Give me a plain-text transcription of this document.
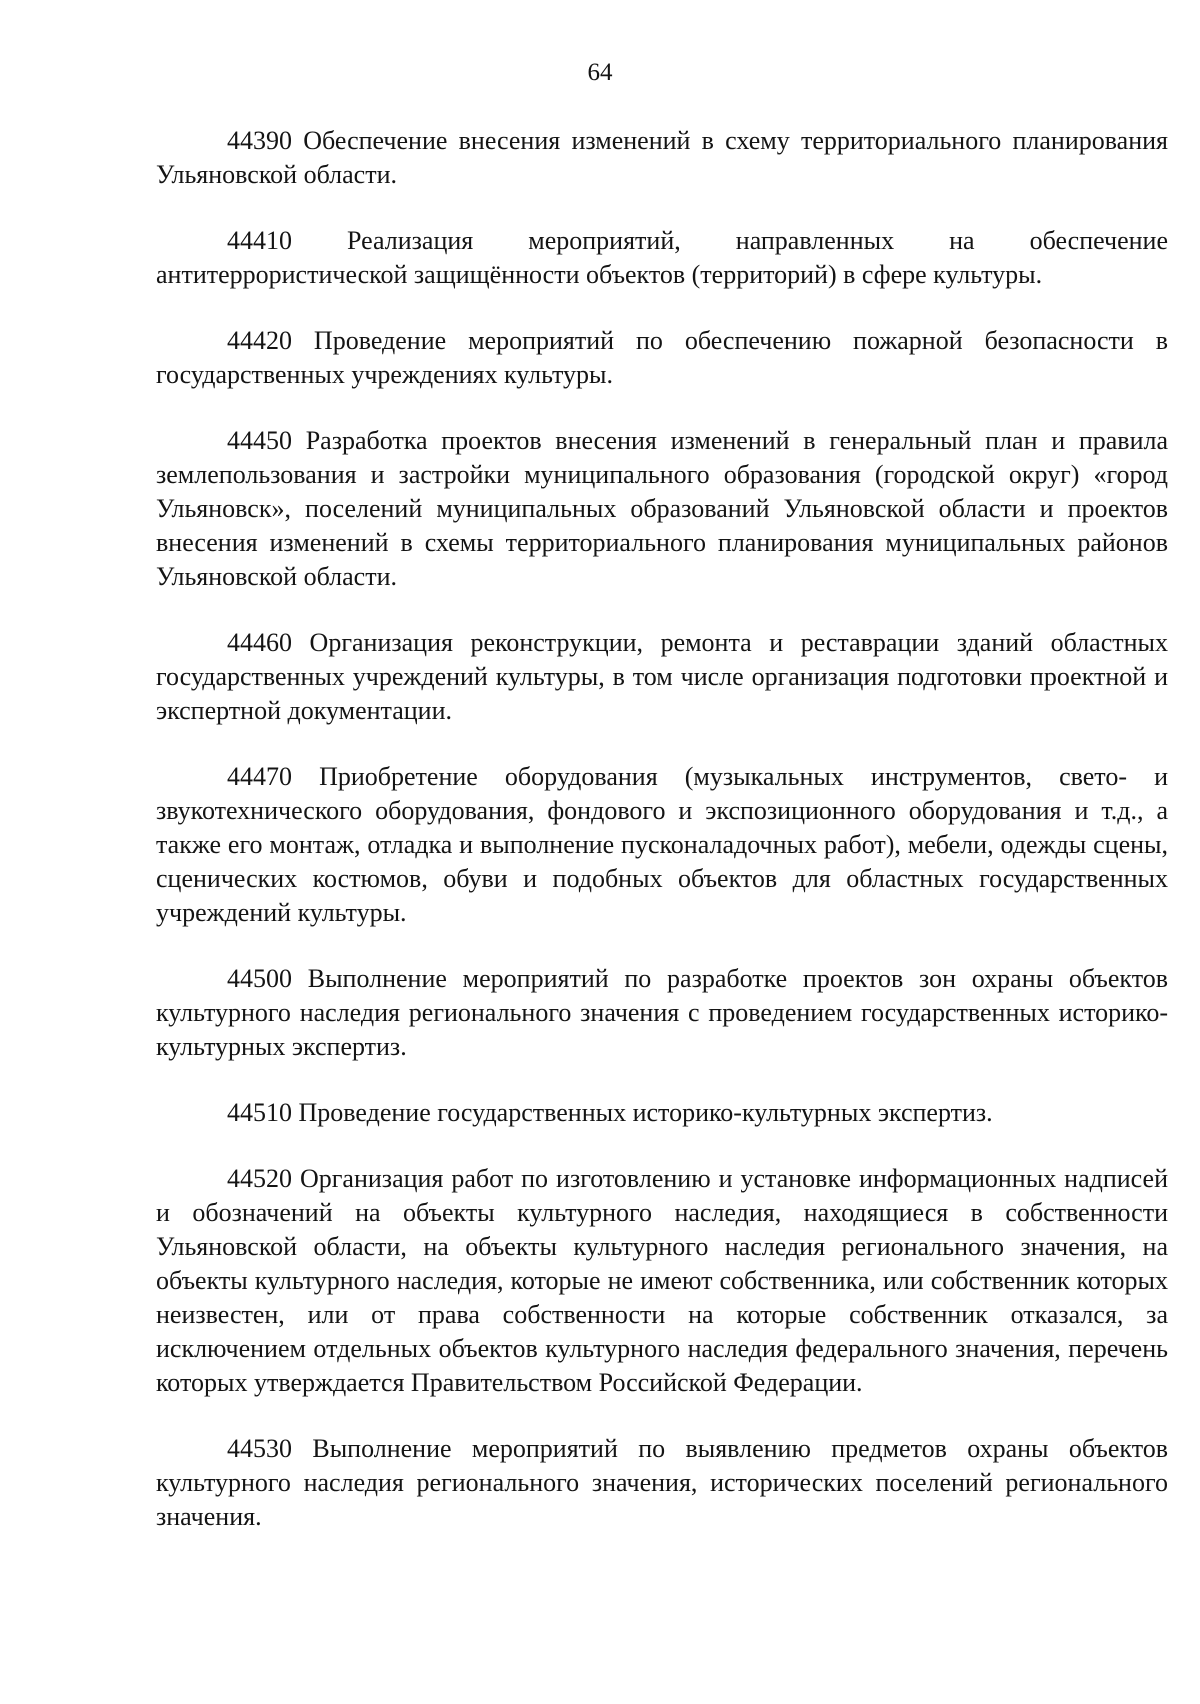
64

44390 Обеспечение внесения изменений в схему территориального планирования Ульяновской области.

44410 Реализация мероприятий, направленных на обеспечение антитеррористической защищённости объектов (территорий) в сфере культуры.

44420 Проведение мероприятий по обеспечению пожарной безопасности в государственных учреждениях культуры.

44450 Разработка проектов внесения изменений в генеральный план и правила землепользования и застройки муниципального образования (городской округ) «город Ульяновск», поселений муниципальных образований Ульяновской области и проектов внесения изменений в схемы территориального планирования муниципальных районов Ульяновской области.

44460 Организация реконструкции, ремонта и реставрации зданий областных государственных учреждений культуры, в том числе организация подготовки проектной и экспертной документации.

44470 Приобретение оборудования (музыкальных инструментов, свето- и звукотехнического оборудования, фондового и экспозиционного оборудования и т.д., а также его монтаж, отладка и выполнение пусконаладочных работ), мебели, одежды сцены, сценических костюмов, обуви и подобных объектов для областных государственных учреждений культуры.

44500 Выполнение мероприятий по разработке проектов зон охраны объектов культурного наследия регионального значения с проведением государственных историко-культурных экспертиз.

44510 Проведение государственных историко-культурных экспертиз.

44520 Организация работ по изготовлению и установке информационных надписей и обозначений на объекты культурного наследия, находящиеся в собственности Ульяновской области, на объекты культурного наследия регионального значения, на объекты культурного наследия, которые не имеют собственника, или собственник которых неизвестен, или от права собственности на которые собственник отказался, за исключением отдельных объектов культурного наследия федерального значения, перечень которых утверждается Правительством Российской Федерации.

44530 Выполнение мероприятий по выявлению предметов охраны объектов культурного наследия регионального значения, исторических поселений регионального значения.
